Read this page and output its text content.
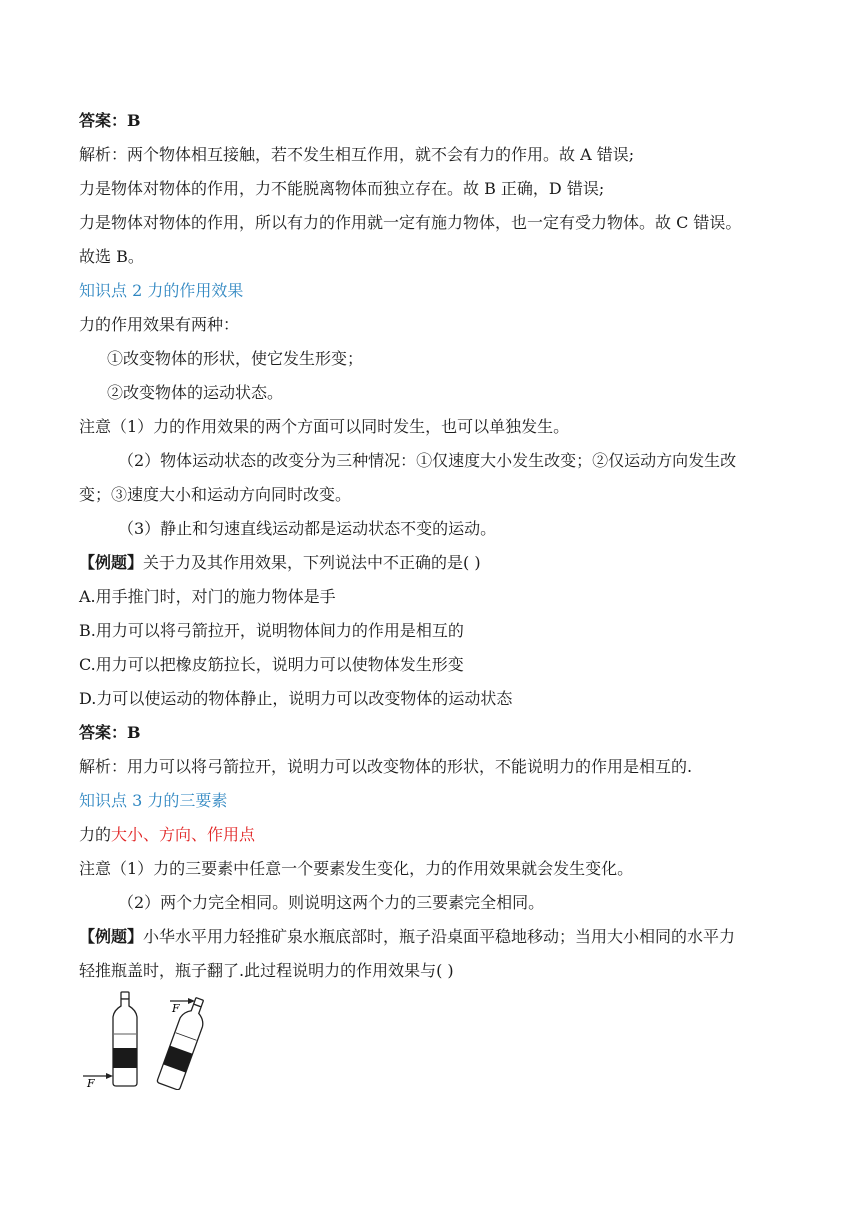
答案：B
解析：两个物体相互接触，若不发生相互作用，就不会有力的作用。故 A 错误;
力是物体对物体的作用，力不能脱离物体而独立存在。故 B 正确，D 错误;
力是物体对物体的作用，所以有力的作用就一定有施力物体，也一定有受力物体。故 C 错误。
故选 B。
知识点 2 力的作用效果
力的作用效果有两种：
①改变物体的形状，使它发生形变；
②改变物体的运动状态。
注意（1）力的作用效果的两个方面可以同时发生，也可以单独发生。
（2）物体运动状态的改变分为三种情况：①仅速度大小发生改变；②仅运动方向发生改
变；③速度大小和运动方向同时改变。
（3）静止和匀速直线运动都是运动状态不变的运动。
【例题】关于力及其作用效果，下列说法中不正确的是( )
A.用手推门时，对门的施力物体是手
B.用力可以将弓箭拉开，说明物体间力的作用是相互的
C.用力可以把橡皮筋拉长，说明力可以使物体发生形变
D.力可以使运动的物体静止，说明力可以改变物体的运动状态
答案：B
解析：用力可以将弓箭拉开，说明力可以改变物体的形状，不能说明力的作用是相互的.
知识点 3 力的三要素
力的大小、方向、作用点
注意（1）力的三要素中任意一个要素发生变化，力的作用效果就会发生变化。
（2）两个力完全相同。则说明这两个力的三要素完全相同。
【例题】小华水平用力轻推矿泉水瓶底部时，瓶子沿桌面平稳地移动；当用大小相同的水平力
轻推瓶盖时，瓶子翻了.此过程说明力的作用效果与( )
F
F
